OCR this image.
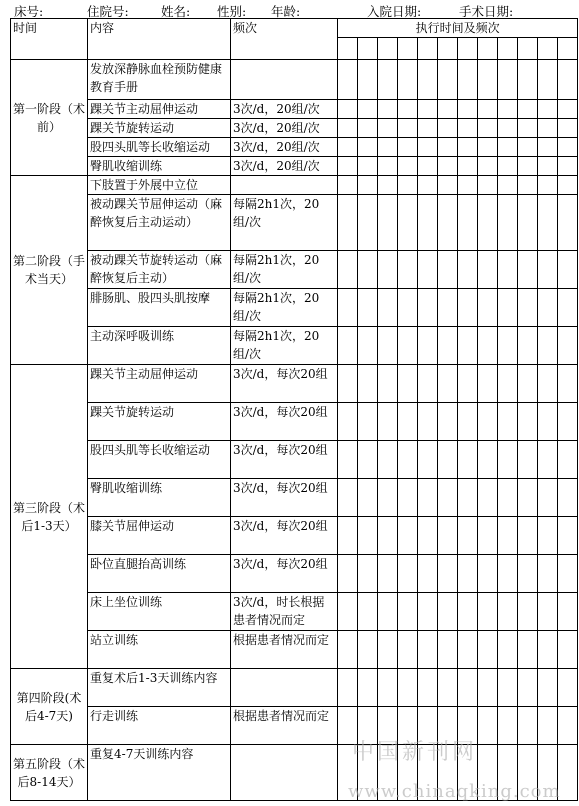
床号:	住院号:	姓名: 性别: 年龄:	入院日期:	手术日期:
时间	内容	频次	执行时间及频次											

第一阶段（术前）	发放深静脉血栓预防健康教育手册													
	踝关节主动屈伸运动	3次/d，20组/次												
	踝关节旋转运动	3次/d，20组/次												
	股四头肌等长收缩运动	3次/d，20组/次												
	臀肌收缩训练	3次/d，20组/次												
第二阶段（手术当天）	下肢置于外展中立位													
	被动踝关节屈伸运动（麻醉恢复后主动运动）	每隔2h1次，20组/次												
	被动踝关节旋转运动（麻醉恢复后主动）	每隔2h1次，20组/次												
	腓肠肌、股四头肌按摩	每隔2h1次，20组/次												
	主动深呼吸训练	每隔2h1次，20组/次												
第三阶段（术后1-3天）	踝关节主动屈伸运动	3次/d，每次20组												
	踝关节旋转运动	3次/d，每次20组												
	股四头肌等长收缩运动	3次/d，每次20组												
	臀肌收缩训练	3次/d，每次20组												
	膝关节屈伸运动	3次/d，每次20组												
	卧位直腿抬高训练	3次/d，每次20组												
	床上坐位训练	3次/d，时长根据患者情况而定												
	站立训练	根据患者情况而定												
第四阶段(术后4-7天)	重复术后1-3天训练内容													
	行走训练	根据患者情况而定												
第五阶段（术后8-14天）	重复4-7天训练内容														中国新刊网
www.chinaqking.com
